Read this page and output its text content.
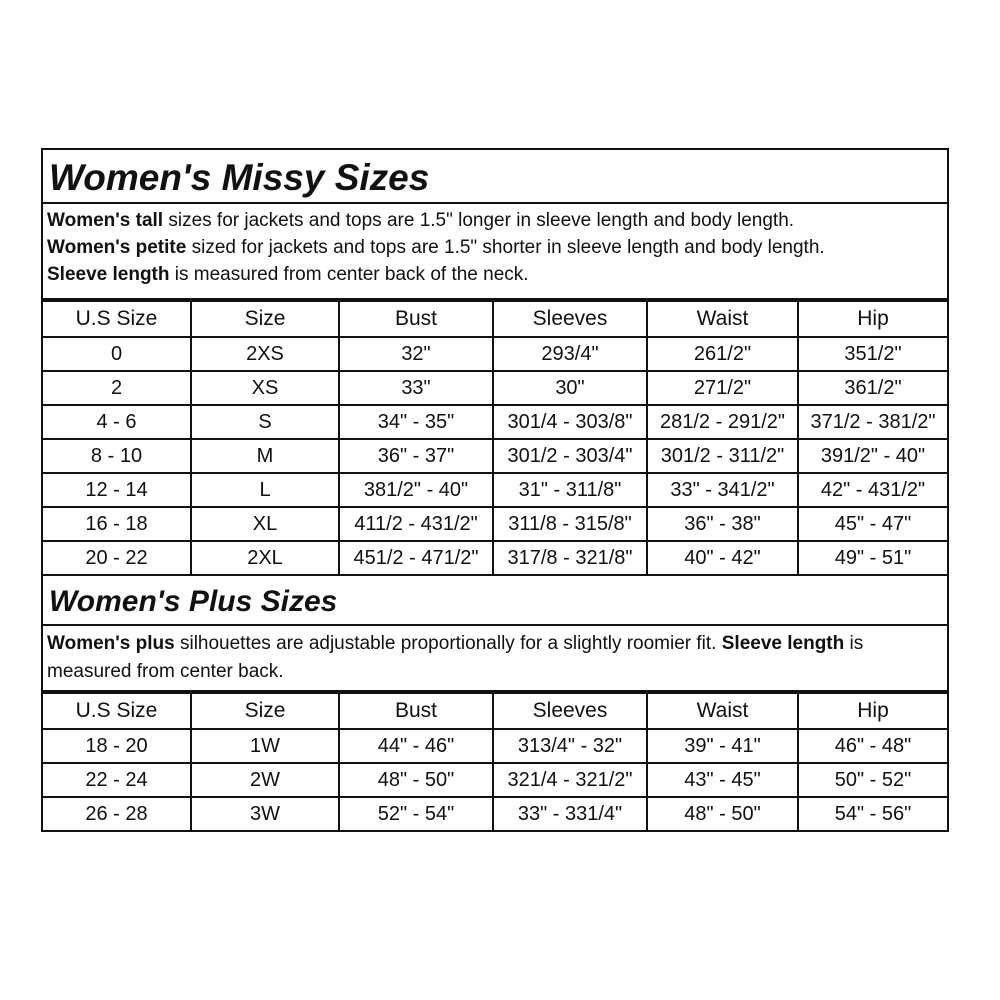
Women's Missy Sizes
Women's tall sizes for jackets and tops are 1.5" longer in sleeve length and body length.
Women's petite sized for jackets and tops are 1.5" shorter in sleeve length and body length.
Sleeve length is measured from center back of the neck.
U.S Size	Size	Bust	Sleeves	Waist	Hip
0	2XS	32"	293/4"	261/2"	351/2"
2	XS	33"	30"	271/2"	361/2"
4 - 6	S	34" - 35"	301/4 - 303/8"	281/2 - 291/2"	371/2 - 381/2"
8 - 10	M	36" - 37"	301/2 - 303/4"	301/2 - 311/2"	391/2" - 40"
12 - 14	L	381/2" - 40"	31" - 311/8"	33" - 341/2"	42" - 431/2"
16 - 18	XL	411/2 - 431/2"	311/8 - 315/8"	36" - 38"	45" - 47"
20 - 22	2XL	451/2 - 471/2"	317/8 - 321/8"	40" - 42"	49" - 51"
Women's Plus Sizes
Women's plus silhouettes are adjustable proportionally for a slightly roomier fit. Sleeve length is measured from center back.
U.S Size	Size	Bust	Sleeves	Waist	Hip
18 - 20	1W	44" - 46"	313/4" - 32"	39" - 41"	46" - 48"
22 - 24	2W	48" - 50"	321/4 - 321/2"	43" - 45"	50" - 52"
26 - 28	3W	52" - 54"	33" - 331/4"	48" - 50"	54" - 56"
